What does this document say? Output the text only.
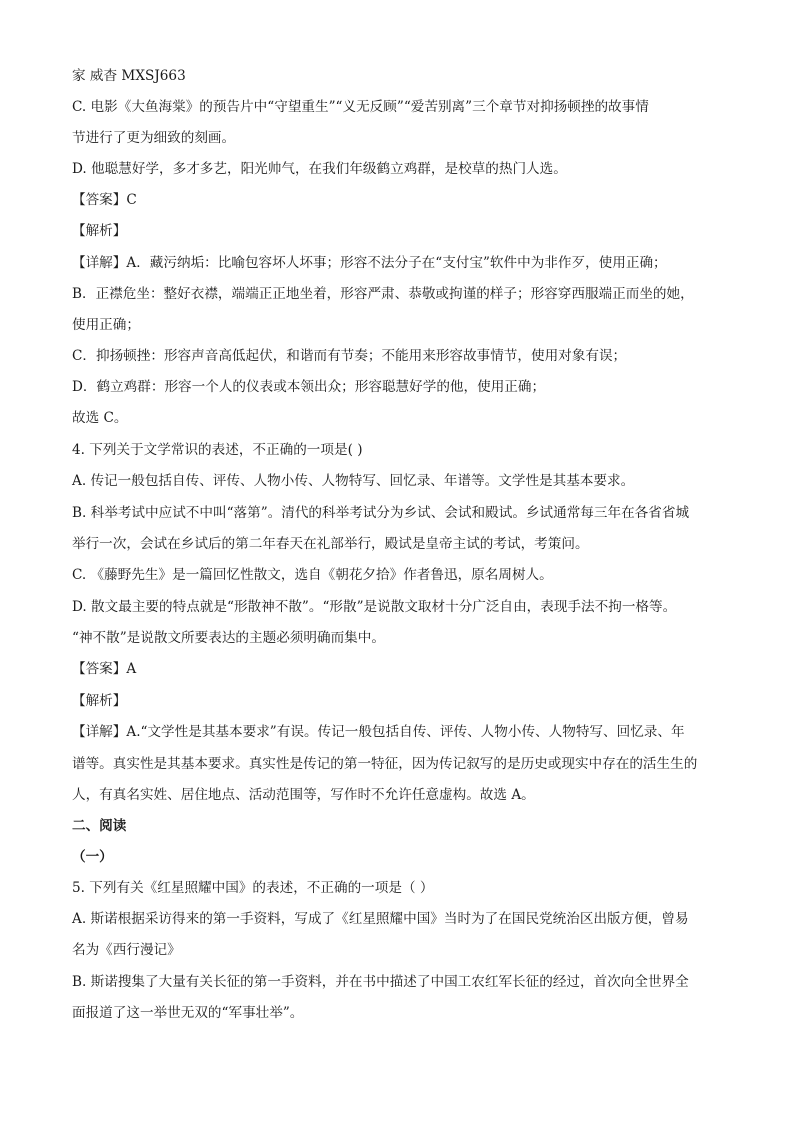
家 威杳 MXSJ663
C. 电影《大鱼海棠》的预告片中“守望重生”“义无反顾”“爱苦别离”三个章节对抑扬顿挫的故事情
节进行了更为细致的刻画。
D. 他聪慧好学，多才多艺，阳光帅气，在我们年级鹤立鸡群，是校草的热门人选。
【答案】C
【解析】
【详解】A．藏污纳垢：比喻包容坏人坏事；形容不法分子在“支付宝”软件中为非作歹，使用正确；
B．正襟危坐：整好衣襟，端端正正地坐着，形容严肃、恭敬或拘谨的样子；形容穿西服端正而坐的她，
使用正确；
C．抑扬顿挫：形容声音高低起伏，和谐而有节奏；不能用来形容故事情节，使用对象有误；
D．鹤立鸡群：形容一个人的仪表或本领出众；形容聪慧好学的他，使用正确；
故选 C。
4. 下列关于文学常识的表述，不正确的一项是( )
A. 传记一般包括自传、评传、人物小传、人物特写、回忆录、年谱等。文学性是其基本要求。
B. 科举考试中应试不中叫“落第”。清代的科举考试分为乡试、会试和殿试。乡试通常每三年在各省省城
举行一次，会试在乡试后的第二年春天在礼部举行，殿试是皇帝主试的考试，考策问。
C. 《藤野先生》是一篇回忆性散文，选自《朝花夕拾》作者鲁迅，原名周树人。
D. 散文最主要的特点就是“形散神不散”。“形散”是说散文取材十分广泛自由，表现手法不拘一格等。
“神不散”是说散文所要表达的主题必须明确而集中。
【答案】A
【解析】
【详解】A.“文学性是其基本要求”有误。传记一般包括自传、评传、人物小传、人物特写、回忆录、年
谱等。真实性是其基本要求。真实性是传记的第一特征，因为传记叙写的是历史或现实中存在的活生生的
人，有真名实姓、居住地点、活动范围等，写作时不允许任意虚构。故选 A。
二、阅读
（一）
5. 下列有关《红星照耀中国》的表述，不正确的一项是（ ）
A. 斯诺根据采访得来的第一手资料，写成了《红星照耀中国》当时为了在国民党统治区出版方便，曾易
名为《西行漫记》
B. 斯诺搜集了大量有关长征的第一手资料，并在书中描述了中国工农红军长征的经过，首次向全世界全
面报道了这一举世无双的“军事壮举”。
